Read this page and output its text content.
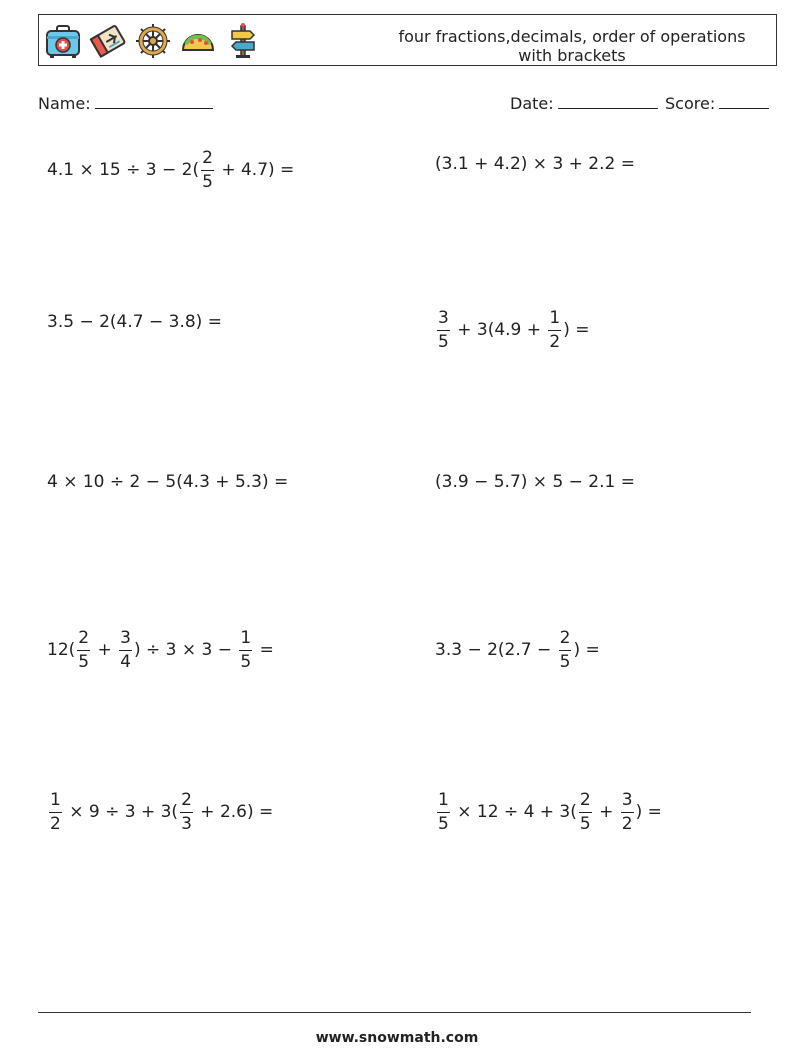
four fractions,decimals, order of operations with brackets
Name:	Date:	Score:
$4.1 \times 15 \div 3 - 2( \frac{2}{5} + 4.7)$ =	(3.1 + 4.2) × 3 + 2.2 =
3.5 − 2(4.7 − 3.8) =	$\frac{3}{5} + 3(4.9 + \frac{1}{2}$ ) =
4 × 10 ÷ 2 − 5(4.3 + 5.3) =	(3.9 − 5.7) × 5 − 2.1 =
$12( \frac{2}{5} + \frac{3}{4}$ ) ÷ $3 \times 3 - \frac{1}{5}$ =	$3.3 - 2(2.7 - \frac{2}{5}$ ) =
$\frac{1}{2} \times 9 \div 3 + 3( \frac{2}{3} + 2.6)$ =	$\frac{1}{5} \times 12 \div 4 + 3( \frac{2}{5} + \frac{3}{2}$ ) =
www.snowmath.com
